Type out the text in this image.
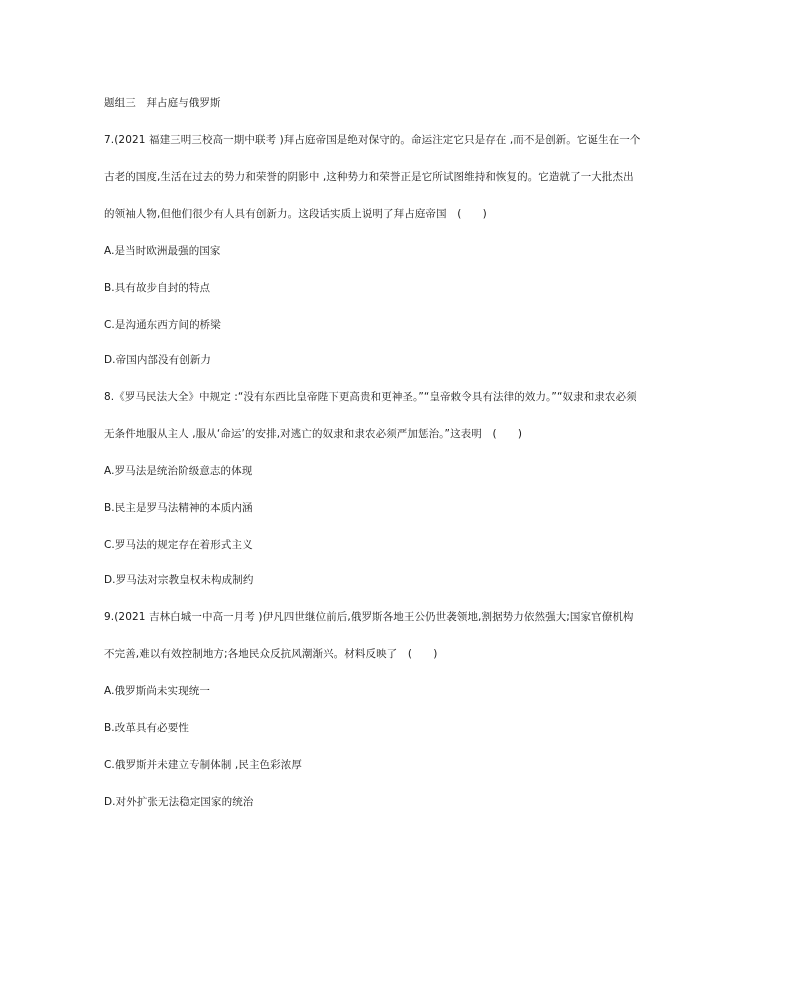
题组三　拜占庭与俄罗斯
7.(2021 福建三明三校高一期中联考 )拜占庭帝国是绝对保守的。命运注定它只是存在 ,而不是创新。它诞生在一个
古老的国度,生活在过去的势力和荣誉的阴影中 ,这种势力和荣誉正是它所试图维持和恢复的。它造就了一大批杰出
的领袖人物,但他们很少有人具有创新力。这段话实质上说明了拜占庭帝国　(　　)
A.是当时欧洲最强的国家
B.具有故步自封的特点
C.是沟通东西方间的桥梁
D.帝国内部没有创新力
8.《罗马民法大全》中规定 :“没有东西比皇帝陛下更高贵和更神圣。”“皇帝敕令具有法律的效力。”“奴隶和隶农必须
无条件地服从主人 ,服从‘命运’的安排,对逃亡的奴隶和隶农必须严加惩治。”这表明　(　　)
A.罗马法是统治阶级意志的体现
B.民主是罗马法精神的本质内涵
C.罗马法的规定存在着形式主义
D.罗马法对宗教皇权未构成制约
9.(2021 吉林白城一中高一月考 )伊凡四世继位前后,俄罗斯各地王公仍世袭领地,割据势力依然强大;国家官僚机构
不完善,难以有效控制地方;各地民众反抗风潮渐兴。材料反映了　(　　)
A.俄罗斯尚未实现统一
B.改革具有必要性
C.俄罗斯并未建立专制体制 ,民主色彩浓厚
D.对外扩张无法稳定国家的统治
